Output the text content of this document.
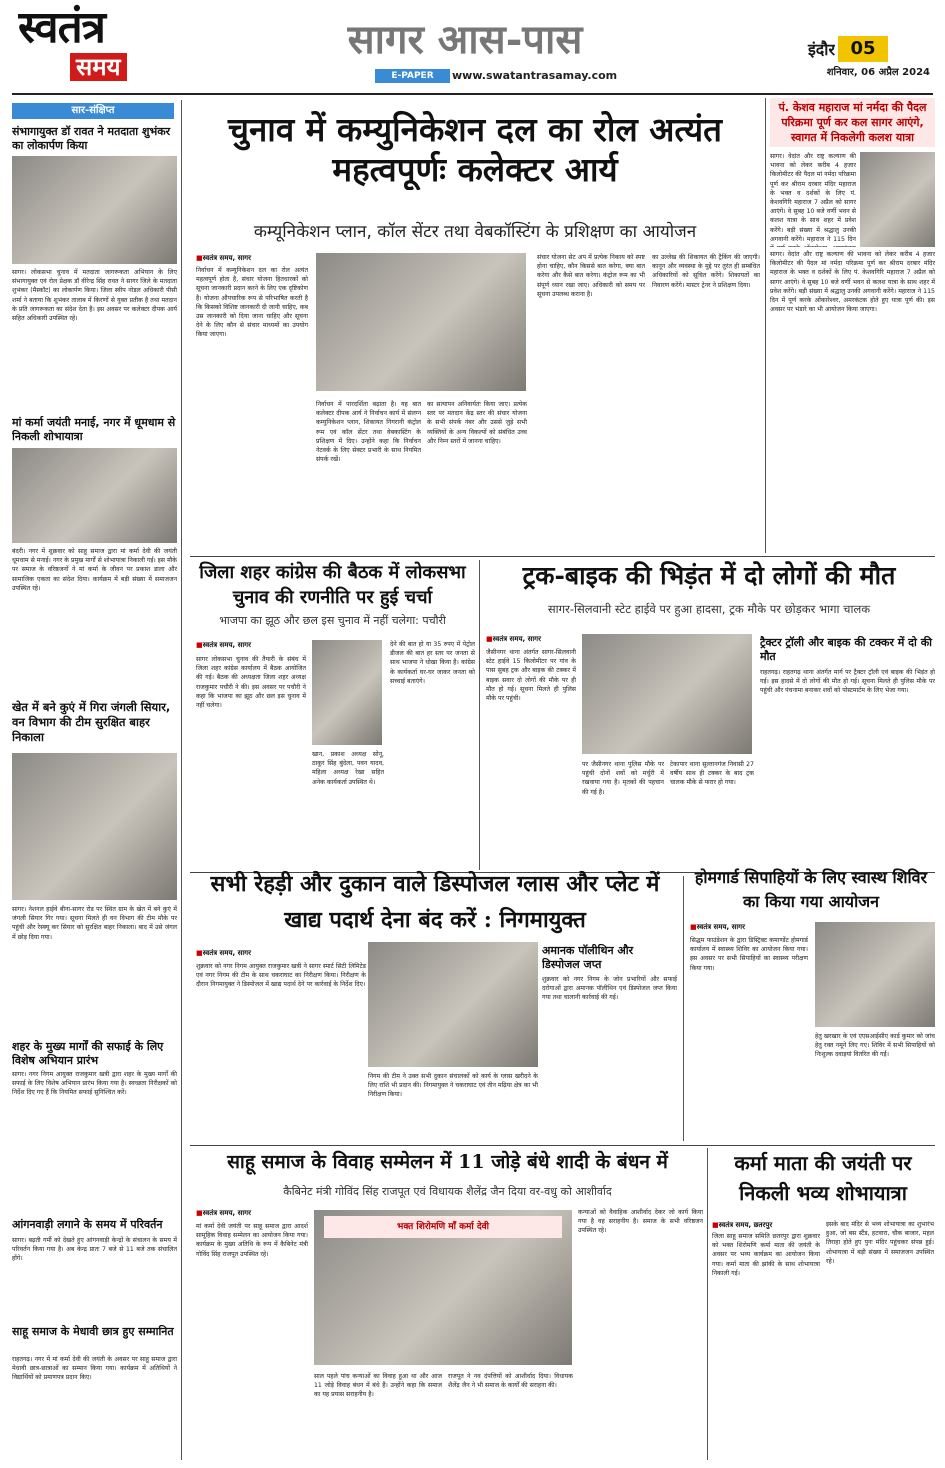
स्वतंत्र
समय
सागर आस-पास
E-PAPER	www.swatantrasamay.com
इंदौर 05
शनिवार, 06 अप्रैल 2024
सार-संक्षिप्त
संभागायुक्त डॉ रावत ने मतदाता शुभंकर का लोकार्पण किया
सागर। लोकसभा चुनाव में मतदाता जागरूकता अभियान के लिए संभागायुक्त एवं रोल प्रेक्षक डॉ वीरेन्द्र सिंह रावत ने सागर जिले के मतदाता शुभंकर (मैस्कॉट) का लोकार्पण किया। जिला स्वीप नोडल अधिकारी पीसी शर्मा ने बताया कि शुभंकर तालाब में किरणों से युक्त प्रतीक है तथा मतदान के प्रति जागरूकता का संदेश देता है। इस अवसर पर कलेक्टर दीपक आर्य सहित अधिकारी उपस्थित रहे।
मां कर्मा जयंती मनाई, नगर में धूमधाम से निकली शोभायात्रा
बंदरी। नगर में शुक्रवार को साहू समाज द्वारा मां कर्मा देवी की जयंती धूमधाम से मनाई। नगर के प्रमुख मार्गों से शोभायात्रा निकाली गई। इस मौके पर समाज के वरिष्ठजनों ने मां कर्मा के जीवन पर प्रकाश डाला और सामाजिक एकता का संदेश दिया। कार्यक्रम में बड़ी संख्या में समाजजन उपस्थित रहे।
खेत में बने कुएं में गिरा जंगली सियार, वन विभाग की टीम सुरक्षित बाहर निकाला
सागर। नेशनल हाईवे बीना-सागर रोड पर स्थित ग्राम के खेत में बने कुएं में जंगली सियार गिर गया। सूचना मिलते ही वन विभाग की टीम मौके पर पहुंची और रेस्क्यू कर सियार को सुरक्षित बाहर निकाला। बाद में उसे जंगल में छोड़ दिया गया।
शहर के मुख्य मार्गों की सफाई के लिए विशेष अभियान प्रारंभ
सागर। नगर निगम आयुक्त राजकुमार खत्री द्वारा शहर के मुख्य मार्गों की सफाई के लिए विशेष अभियान प्रारंभ किया गया है। स्वच्छता निरीक्षकों को निर्देश दिए गए हैं कि नियमित सफाई सुनिश्चित करें।
आंगनवाड़ी लगाने के समय में परिवर्तन
सागर। बढ़ती गर्मी को देखते हुए आंगनवाड़ी केन्द्रों के संचालन के समय में परिवर्तन किया गया है। अब केन्द्र प्रातः 7 बजे से 11 बजे तक संचालित होंगे।
साहू समाज के मेधावी छात्र हुए सम्मानित
राहतगढ़। नगर में मां कर्मा देवी की जयंती के अवसर पर साहू समाज द्वारा मेधावी छात्र-छात्राओं का सम्मान किया गया। कार्यक्रम में अतिथियों ने विद्यार्थियों को प्रमाणपत्र प्रदान किए।
चुनाव में कम्युनिकेशन दल का रोल अत्यंत महत्वपूर्णः कलेक्टर आर्य
कम्यूनिकेशन प्लान, कॉल सेंटर तथा वेबकॉस्टिंग के प्रशिक्षण का आयोजन
■ स्वतंत्र समय, सागर
निर्वाचन में कम्युनिकेशन दल का रोल अत्यंत महत्वपूर्ण होता है, संचार योजना हितधारकों को सूचना जानकारी प्रदान करने के लिए एक दृष्टिकोण है। योजना औपचारिक रूप से परिभाषित करती है कि किसको विशिष्ट जानकारी दी जानी चाहिए, कब उस जानकारी को दिया जाना चाहिए और सूचना देने के लिए कौन से संचार माध्यमों का उपयोग किया जाएगा।
निर्वाचन में पारदर्शिता बढ़ाता है। यह बात कलेक्टर दीपक आर्य ने निर्वाचन कार्य में संलग्न कम्युनिकेशन प्लान, शिकायत निगरानी कंट्रोल रूम एवं कॉल सेंटर तथा वेबकास्टिंग के प्रशिक्षण में दिए। उन्होंने कहा कि निर्वाचन नेटवर्क के लिए सेक्टर प्रभारी के साथ नियमित संपर्क रखें।
का सत्यापन अनिवार्यतः किया जाए। प्रत्येक स्तर पर मतदान केंद्र स्तर की संचार योजना के सभी संपर्क नंबर और उससे जुड़े सभी व्यक्तियों के अन्य विकल्पों को संबंधित उच्च और निम्न स्तरों में जानना चाहिए।
संचार योजना सेट अप में प्रत्येक निकाय को स्पष्ट होना चाहिए, कौन किससे बात करेगा, क्या बात करेगा और कैसे बात करेगा। कंट्रोल रूम का भी संपूर्ण ध्यान रखा जाए। अधिकारी को समय पर सूचना उपलब्ध कराना है।
का उल्लेख की शिकायत की ट्रैकिंग की जाएगी। कानून और व्यवस्था के मुद्दे पर तुरंत ही सम्बंधित अधिकारियों को सूचित करेंगे। शिकायतों का निवारण करेंगे। मास्टर ट्रेनर ने प्रशिक्षण दिया।
पं. केशव महाराज मां नर्मदा की पैदल परिक्रमा पूर्ण कर कल सागर आएंगे, स्वागत में निकलेगी कलश यात्रा
सागर। वेदांत और राष्ट्र कल्याण की भावना को लेकर करीब 4 हजार किलोमीटर की पैदल मां नर्मदा परिक्रमा पूर्ण कर श्रीराम दरबार मंदिर महाराज के भक्त व दर्शकों के लिए पं. केशवगिरि महाराज 7 अप्रैल को सागर आएंगे। वे सुबह 10 बजे वर्णी भवन से कलश यात्रा के साथ शहर में प्रवेश करेंगे। बड़ी संख्या में श्रद्धालु उनकी अगवानी करेंगे। महाराज ने 115 दिन
सागर। वेदांत और राष्ट्र कल्याण की भावना को लेकर करीब 4 हजार किलोमीटर की पैदल मां नर्मदा परिक्रमा पूर्ण कर श्रीराम दरबार मंदिर महाराज के भक्त व दर्शकों के लिए पं. केशवगिरि महाराज 7 अप्रैल को सागर आएंगे। वे सुबह 10 बजे वर्णी भवन से कलश यात्रा के साथ शहर में प्रवेश करेंगे। बड़ी संख्या में श्रद्धालु उनकी अगवानी करेंगे। महाराज ने 115 दिन में पूर्ण करके ओंकारेश्वर, अमरकंटक होते हुए यात्रा पूर्ण की। इस अवसर पर भंडारे का भी आयोजन किया जाएगा।
जिला शहर कांग्रेस की बैठक में लोकसभा चुनाव की रणनीति पर हुई चर्चा
भाजपा का झूठ और छल इस चुनाव में नहीं चलेगा: पचौरी
■ स्वतंत्र समय, सागर
सागर लोकसभा चुनाव की तैयारी के संबंध में जिला शहर कांग्रेस कार्यालय में बैठक आयोजित की गई। बैठक की अध्यक्षता जिला शहर अध्यक्ष राजकुमार पचौरी ने की। इस अवसर पर पचौरी ने कहा कि भाजपा का झूठ और छल इस चुनाव में नहीं चलेगा।
खान, प्रकाश अध्यक्ष सोनू, ठाकुर सिंह बुंदेला, पवन यादव, महिला अध्यक्ष रेखा सहित अनेक कार्यकर्ता उपस्थित थे।
देने की बात हो या 35 रुपए में पेट्रोल डीजल की बात हर स्तर पर जनता से साथ भाजपा ने धोखा किया है। कांग्रेस के कार्यकर्ता घर-घर जाकर जनता को सच्चाई बताएंगे।
ट्रक-बाइक की भिड़ंत में दो लोगों की मौत
सागर-सिलवानी स्टेट हाईवे पर हुआ हादसा, ट्रक मौके पर छोड़कर भागा चालक
■ स्वतंत्र समय, सागर
जैसीनगर थाना अंतर्गत सागर-सिलवानी स्टेट हाईवे 15 किलोमीटर पर गांव के पास सुबह ट्रक और बाइक की टक्कर में बाइक सवार दो लोगों की मौके पर ही मौत हो गई। सूचना मिलते ही पुलिस मौके पर पहुंची।
पर जैसीनगर थाना पुलिस मौके पर पहुंची दोनों शवों को मर्चुरी में रखवाया गया है। मृतकों की पहचान की गई है।
टेकापार थाना सुल्तानगंज निवासी 27 वर्षीय साथ ही टक्कर के बाद ट्रक चालक मौके से फरार हो गया।
ट्रैक्टर ट्रॉली और बाइक की टक्कर में दो की मौत
राहतगढ़। राहतगढ़ थाना अंतर्गत मार्ग पर ट्रैक्टर ट्रॉली एवं बाइक की भिड़ंत हो गई। इस हादसे में दो लोगों की मौत हो गई। सूचना मिलते ही पुलिस मौके पर पहुंची और पंचनामा बनाकर शवों को पोस्टमार्टम के लिए भेजा गया।
सभी रेहड़ी और दुकान वाले डिस्पोजल ग्लास और प्लेट में खाद्य पदार्थ देना बंद करें : निगमायुक्त
■ स्वतंत्र समय, सागर
शुक्रवार को नगर निगम आयुक्त राजकुमार खत्री ने सागर स्मार्ट सिटी लिमिटेड एवं नगर निगम की टीम के साथ चकराघाट का निरीक्षण किया। निरीक्षण के दौरान निगमायुक्त ने डिस्पोजल में खाद्य पदार्थ देने पर कार्रवाई के निर्देश दिए।
अमानक पॉलीथिन और डिस्पोजल जप्त
निगम की टीम ने उक्त सभी दुकान संचालकों को कार्य के ग्लास खरीदने के लिए राशि भी प्रदान की। निगमायुक्त ने चकराघाट एवं तीन मढ़िया क्षेत्र का भी निरीक्षण किया।
शुक्रवार को नगर निगम के जोन प्रभारियों और सफाई दरोगाओं द्वारा अमानक पॉलीथिन एवं डिस्पोजल जप्त किया गया तथा चालानी कार्रवाई की गई।
होमगार्ड सिपाहियों के लिए स्वास्थ शिविर का किया गया आयोजन
■ स्वतंत्र समय, सागर
सिद्धम फाउंडेशन के द्वारा डिस्ट्रिक्ट कमाण्डेंट होमगार्ड कार्यालय में स्वास्थ्य शिविर का आयोजन किया गया। इस अवसर पर सभी सिपाहियों का स्वास्थ्य परीक्षण किया गया।
हेतु खरखार के एवं एएसआईसीए कार्ड कुमार को जांच हेतु रक्त नमूने लिए गए। शिविर में सभी सिपाहियों को निःशुल्क दवाइयां वितरित की गईं।
साहू समाज के विवाह सम्मेलन में 11 जोड़े बंधे शादी के बंधन में
कैबिनेट मंत्री गोविंद सिंह राजपूत एवं विधायक शैलेंद्र जैन दिया वर-वधु को आशीर्वाद
■ स्वतंत्र समय, सागर
मां कर्मा देवी जयंती पर साहू समाज द्वारा आदर्श सामूहिक विवाह सम्मेलन का आयोजन किया गया। कार्यक्रम के मुख्य अतिथि के रूप में कैबिनेट मंत्री गोविंद सिंह राजपूत उपस्थित रहे।
भक्त शिरोमणि माँ कर्मा देवी
साल पहले पांच कन्याओं का विवाह हुआ था और आज 11 जोड़े विवाह बंधन में बंधे हैं। उन्होंने कहा कि समाज का यह प्रयास सराहनीय है।
राजपूत ने नव दंपत्तियों को आशीर्वाद दिया। विधायक शैलेंद्र जैन ने भी समाज के कार्यों की सराहना की।
कन्याओं को वैवाहिक आशीर्वाद देकर जो कार्य किया गया है वह सराहनीय है। समाज के सभी वरिष्ठजन उपस्थित रहे।
कर्मा माता की जयंती पर निकली भव्य शोभायात्रा
■ स्वतंत्र समय, छतरपुर
जिला साहू समाज समिति छतरपुर द्वारा शुक्रवार को भक्त शिरोमणि कर्मा माता की जयंती के अवसर पर भव्य कार्यक्रम का आयोजन किया गया। कर्मा माता की झांकी के साथ शोभायात्रा निकाली गई।
इसके बाद मंदिर से भव्य शोभायात्रा का शुभारंभ हुआ, जो बस स्टैंड, हटवारा, चौक बाजार, महल तिराहा होते हुए पुनः मंदिर पहुंचकर संपन्न हुई। शोभायात्रा में बड़ी संख्या में समाजजन उपस्थित रहे।
